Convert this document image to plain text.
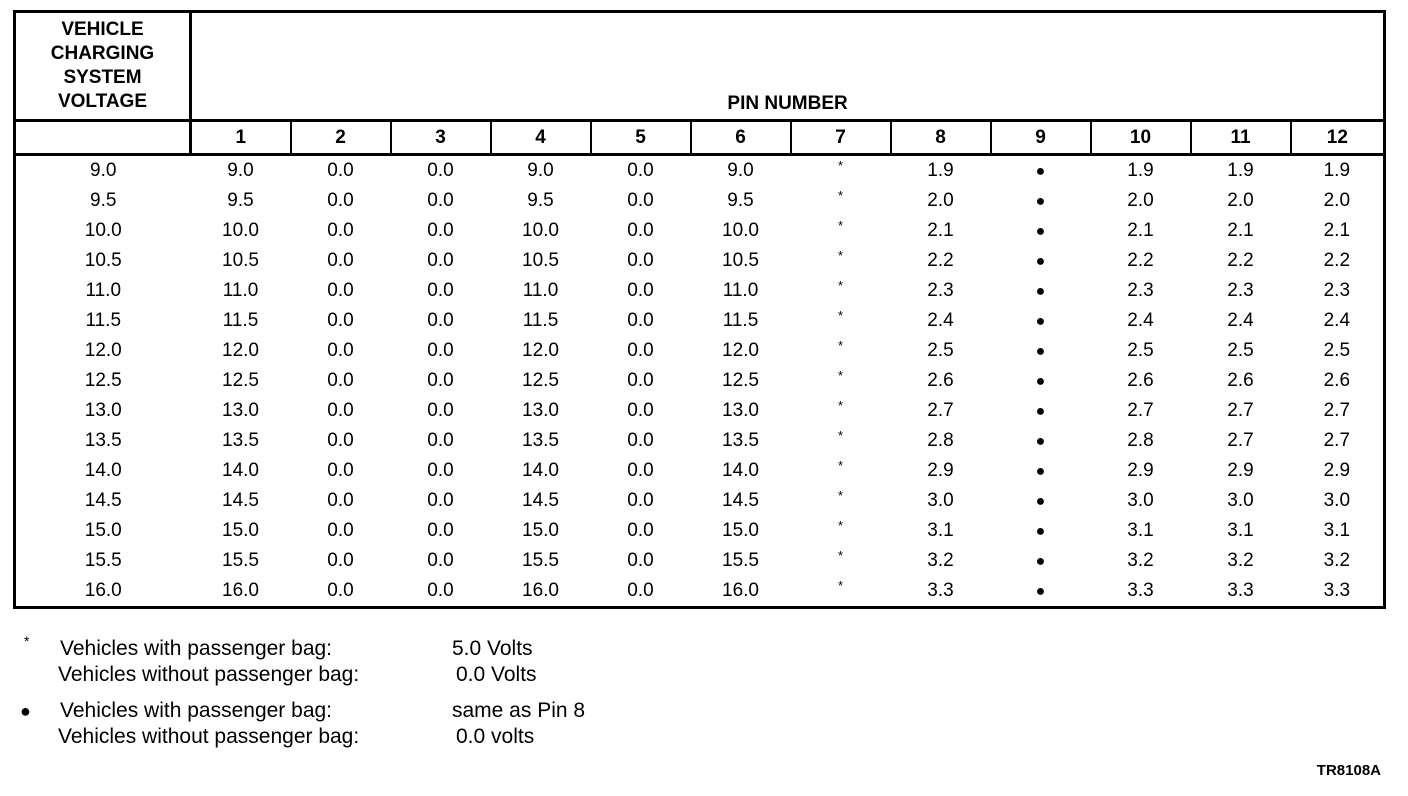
VEHICLE
CHARGING
SYSTEM
VOLTAGE	PIN NUMBER											
	1	2	3	4	5	6	7	8	9	10	11	12
9.0	9.0	0.0	0.0	9.0	0.0	9.0	*	1.9	●	1.9	1.9	1.9
9.5	9.5	0.0	0.0	9.5	0.0	9.5	*	2.0	●	2.0	2.0	2.0
10.0	10.0	0.0	0.0	10.0	0.0	10.0	*	2.1	●	2.1	2.1	2.1
10.5	10.5	0.0	0.0	10.5	0.0	10.5	*	2.2	●	2.2	2.2	2.2
11.0	11.0	0.0	0.0	11.0	0.0	11.0	*	2.3	●	2.3	2.3	2.3
11.5	11.5	0.0	0.0	11.5	0.0	11.5	*	2.4	●	2.4	2.4	2.4
12.0	12.0	0.0	0.0	12.0	0.0	12.0	*	2.5	●	2.5	2.5	2.5
12.5	12.5	0.0	0.0	12.5	0.0	12.5	*	2.6	●	2.6	2.6	2.6
13.0	13.0	0.0	0.0	13.0	0.0	13.0	*	2.7	●	2.7	2.7	2.7
13.5	13.5	0.0	0.0	13.5	0.0	13.5	*	2.8	●	2.8	2.7	2.7
14.0	14.0	0.0	0.0	14.0	0.0	14.0	*	2.9	●	2.9	2.9	2.9
14.5	14.5	0.0	0.0	14.5	0.0	14.5	*	3.0	●	3.0	3.0	3.0
15.0	15.0	0.0	0.0	15.0	0.0	15.0	*	3.1	●	3.1	3.1	3.1
15.5	15.5	0.0	0.0	15.5	0.0	15.5	*	3.2	●	3.2	3.2	3.2
16.0	16.0	0.0	0.0	16.0	0.0	16.0	*	3.3	●	3.3	3.3	3.3
* Vehicles with passenger bag:	5.0 Volts
Vehicles without passenger bag:	0.0 Volts
● Vehicles with passenger bag:	same as Pin 8
Vehicles without passenger bag:	0.0 volts
TR8108A
